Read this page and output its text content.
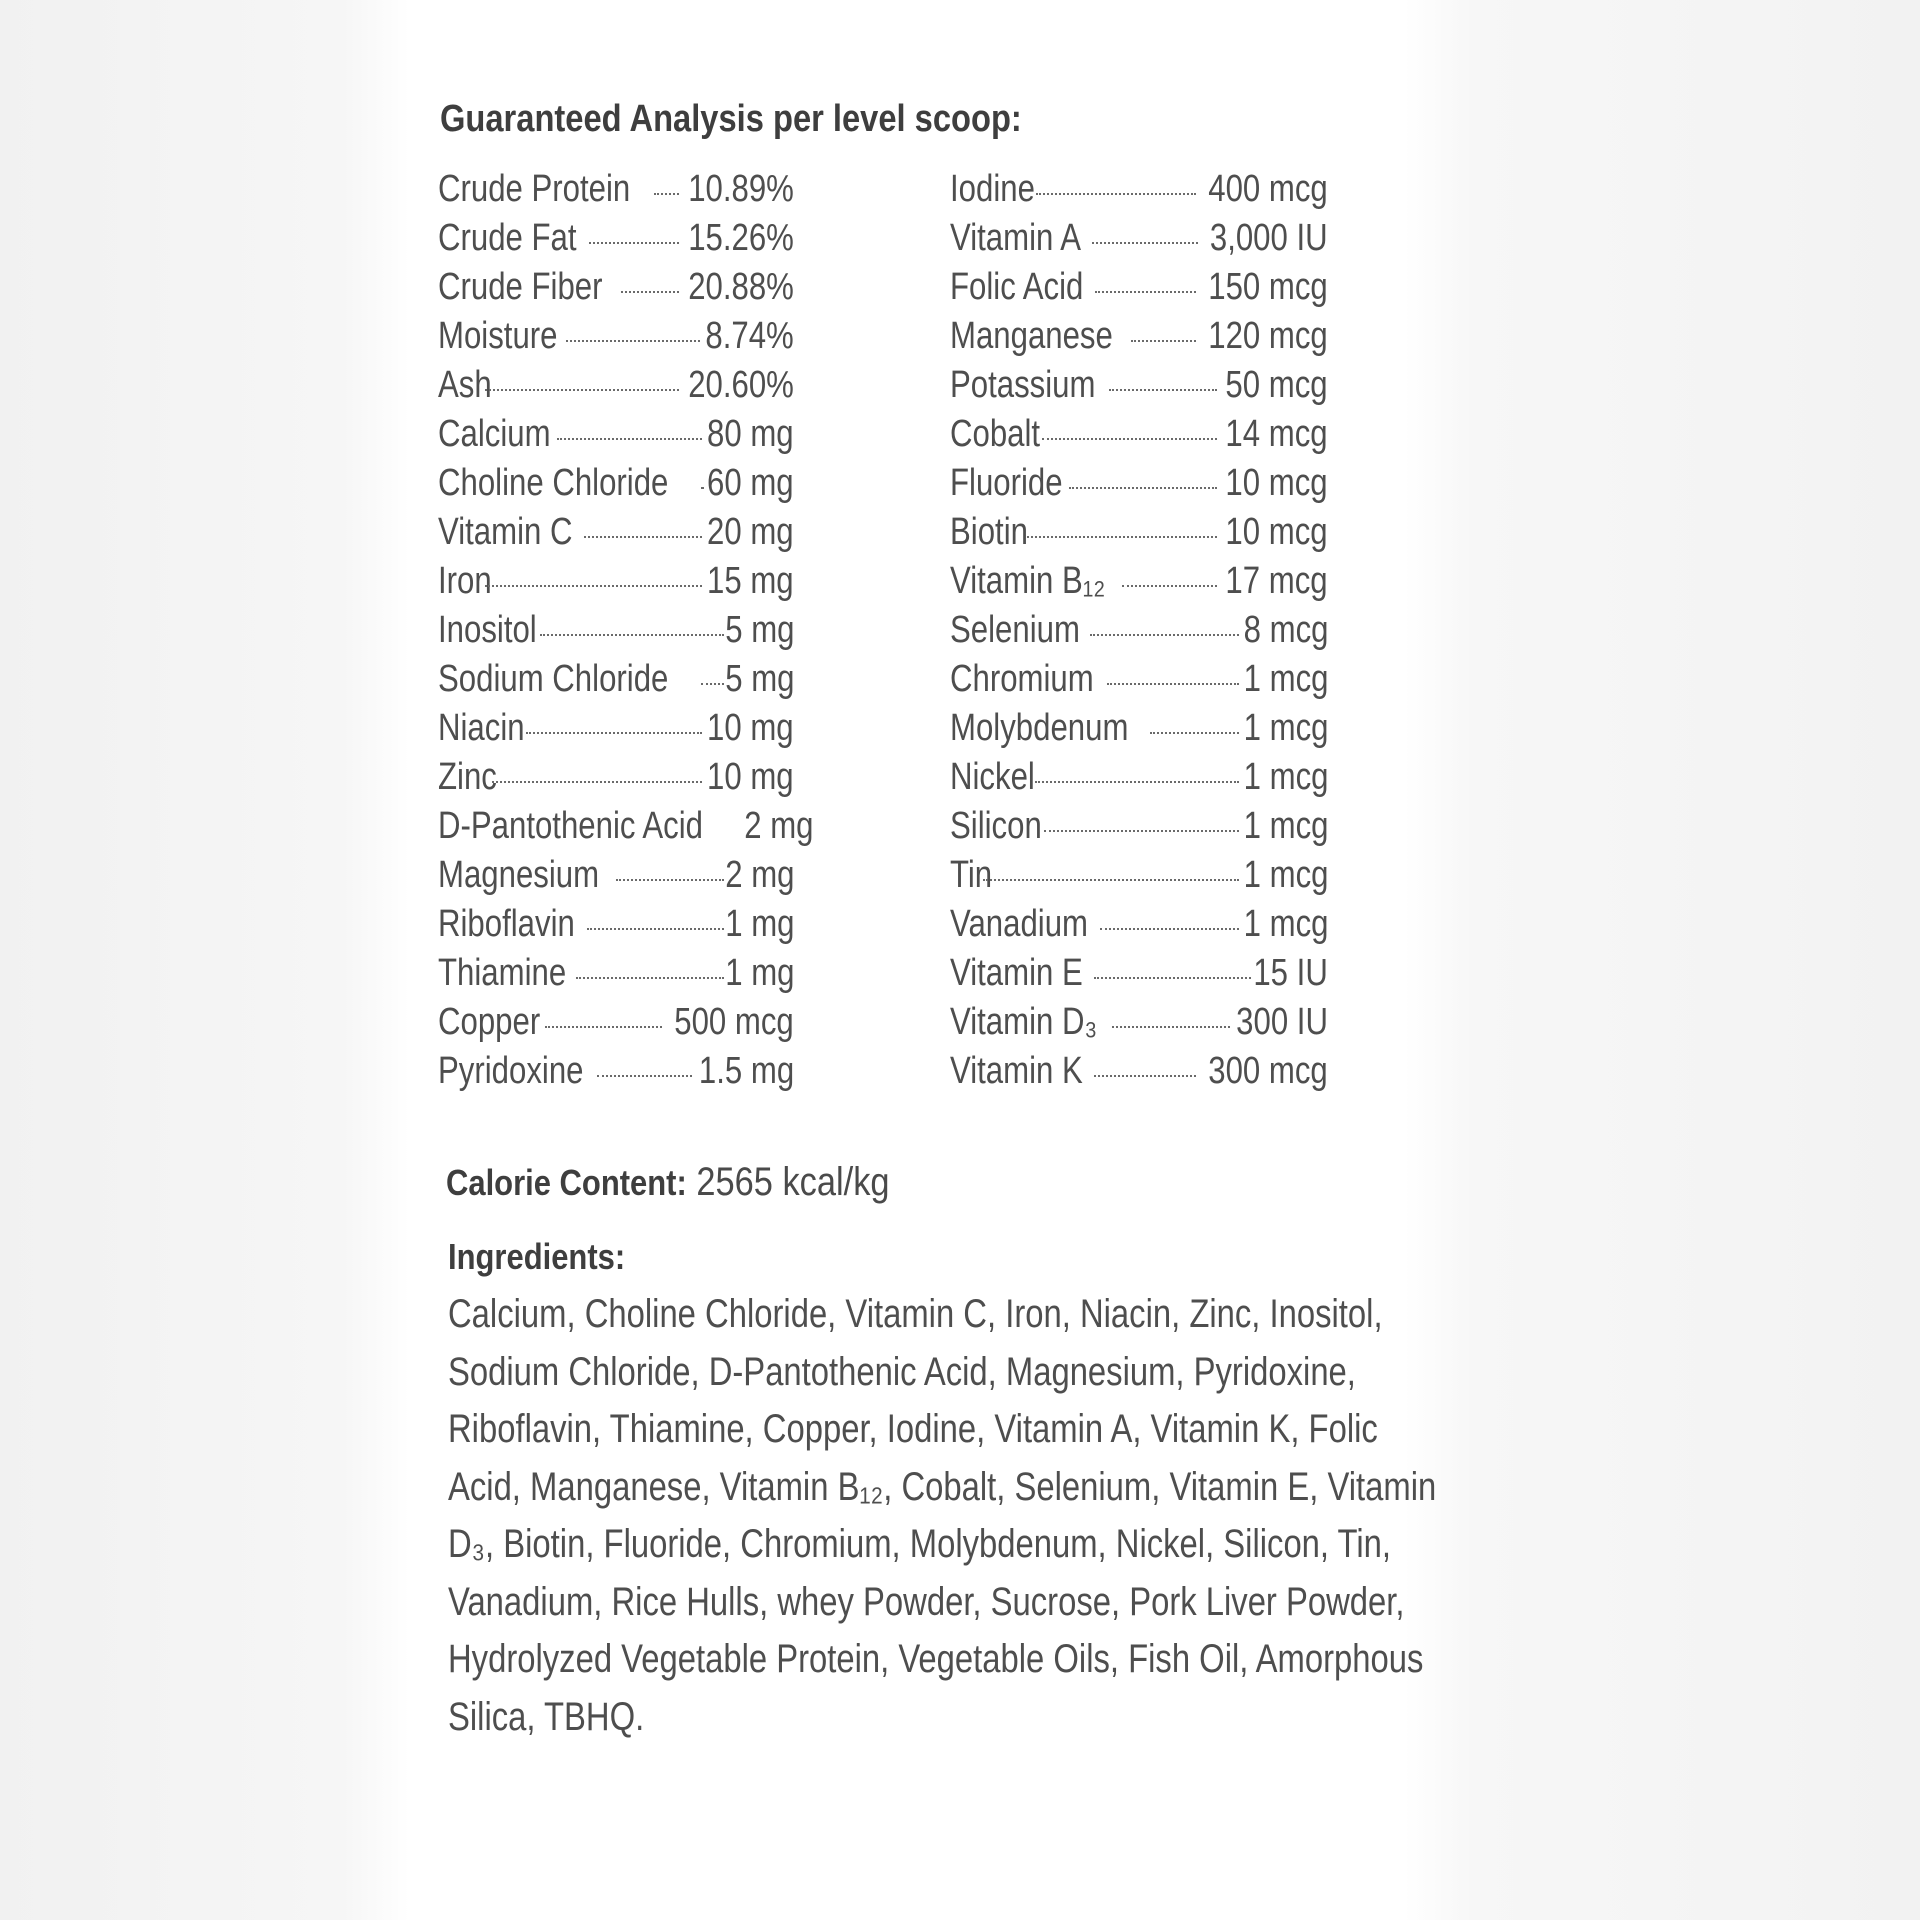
Guaranteed Analysis per level scoop:
Crude Protein 10.89%
Crude Fat	15.26%
Crude Fiber 20.88%
Moisture	8.74%
Ash	20.60%
Calcium	80 mg
Choline Chloride 60 mg
Vitamin C	20 mg
Iron	15 mg
Inositol	5 mg
Sodium Chloride 5 mg
Niacin	10 mg
Zinc	10 mg
D-Pantothenic Acid 2 mg
Magnesium	2 mg
Riboflavin	1 mg
Thiamine	1 mg
Copper	500 mcg
Pyridoxine	1.5 mg
Iodine	400 mcg
Vitamin A	3,000 IU
Folic Acid	150 mcg
Manganese	120 mcg
Potassium	50 mcg
Cobalt	14 mcg
Fluoride	10 mcg
Biotin	10 mcg
Vitamin B₁₂	17 mcg
Selenium	8 mcg
Chromium	1 mcg
Molybdenum	1 mcg
Nickel	1 mcg
Silicon	1 mcg
Tin	1 mcg
Vanadium	1 mcg
Vitamin E	15 IU
Vitamin D₃	300 IU
Vitamin K	300 mcg
Calorie Content: 2565 kcal/kg
Ingredients:
Calcium, Choline Chloride, Vitamin C, Iron, Niacin, Zinc, Inositol, Sodium Chloride, D-Pantothenic Acid, Magnesium, Pyridoxine, Riboflavin, Thiamine, Copper, Iodine, Vitamin A, Vitamin K, Folic Acid, Manganese, Vitamin B₁₂, Cobalt, Selenium, Vitamin E, Vitamin D₃, Biotin, Fluoride, Chromium, Molybdenum, Nickel, Silicon, Tin, Vanadium, Rice Hulls, whey Powder, Sucrose, Pork Liver Powder, Hydrolyzed Vegetable Protein, Vegetable Oils, Fish Oil, Amorphous Silica, TBHQ.
